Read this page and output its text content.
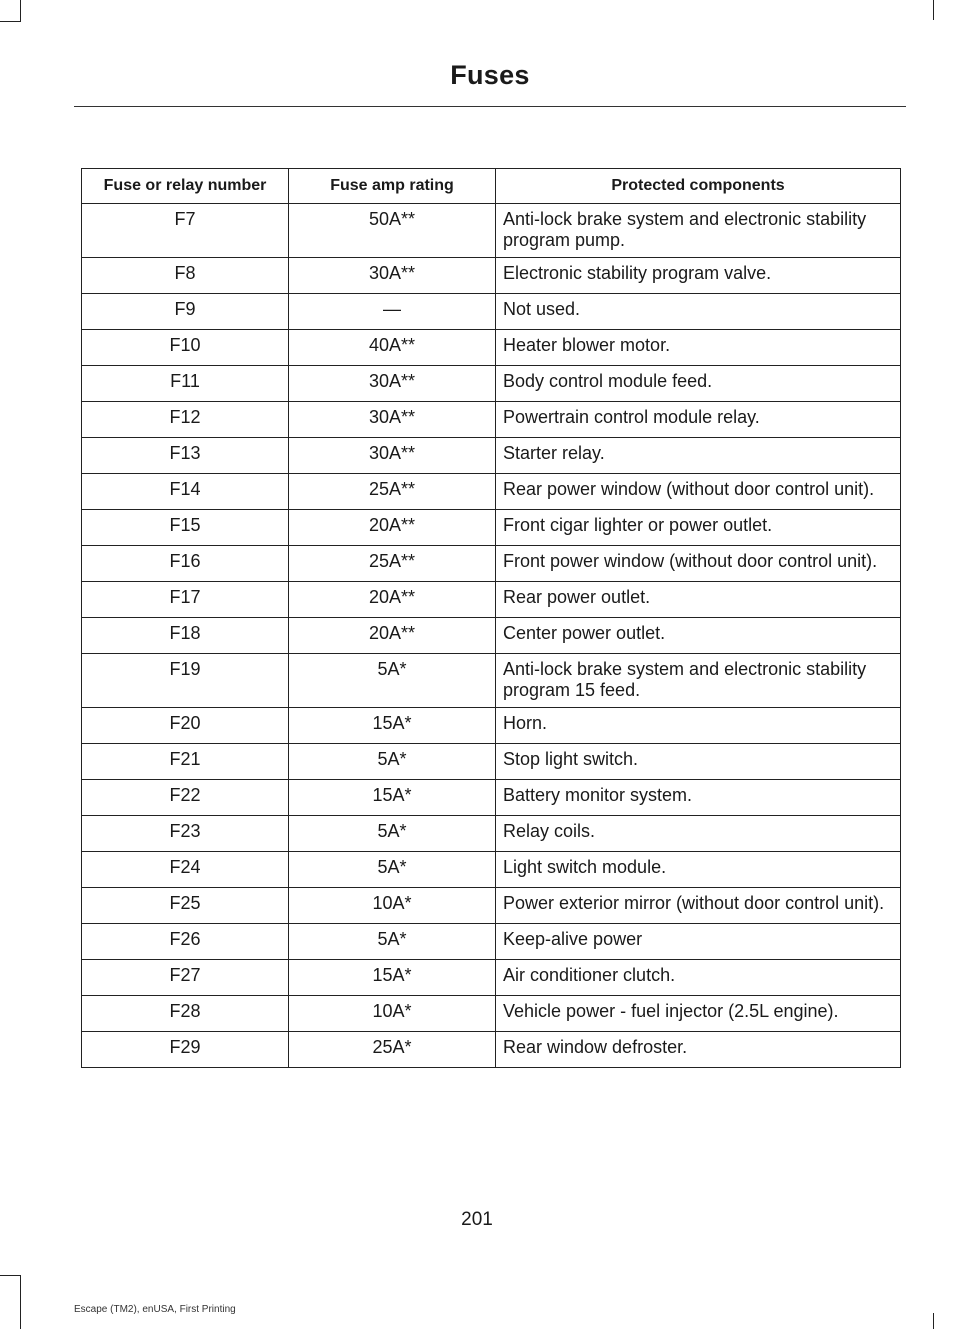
Fuses
Fuse or relay number	Fuse amp rating	Protected components
F7	50A**	Anti-lock brake system and electronic stability program pump.
F8	30A**	Electronic stability program valve.
F9	—	Not used.
F10	40A**	Heater blower motor.
F11	30A**	Body control module feed.
F12	30A**	Powertrain control module relay.
F13	30A**	Starter relay.
F14	25A**	Rear power window (without door control unit).
F15	20A**	Front cigar lighter or power outlet.
F16	25A**	Front power window (without door control unit).
F17	20A**	Rear power outlet.
F18	20A**	Center power outlet.
F19	5A*	Anti-lock brake system and electronic stability program 15 feed.
F20	15A*	Horn.
F21	5A*	Stop light switch.
F22	15A*	Battery monitor system.
F23	5A*	Relay coils.
F24	5A*	Light switch module.
F25	10A*	Power exterior mirror (without door control unit).
F26	5A*	Keep-alive power
F27	15A*	Air conditioner clutch.
F28	10A*	Vehicle power - fuel injector (2.5L engine).
F29	25A*	Rear window defroster.
201
Escape (TM2), enUSA, First Printing
